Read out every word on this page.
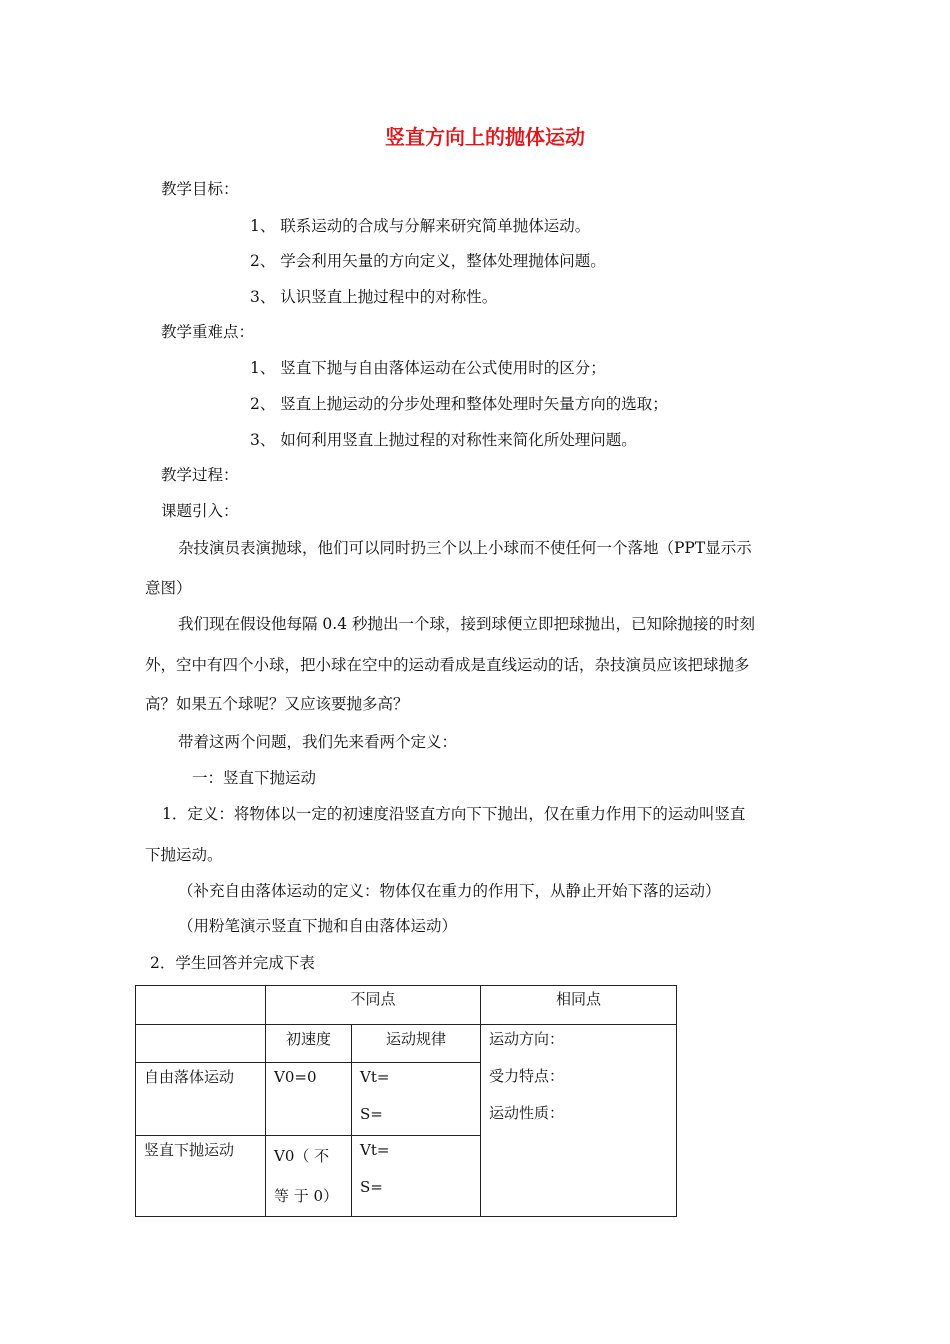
竖直方向上的抛体运动
教学目标：
1、 联系运动的合成与分解来研究简单抛体运动。
2、 学会利用矢量的方向定义，整体处理抛体问题。
3、 认识竖直上抛过程中的对称性。
教学重难点：
1、 竖直下抛与自由落体运动在公式使用时的区分；
2、 竖直上抛运动的分步处理和整体处理时矢量方向的选取；
3、 如何利用竖直上抛过程的对称性来简化所处理问题。
教学过程：
课题引入：
杂技演员表演抛球，他们可以同时扔三个以上小球而不使任何一个落地（PPT显示示
意图）
我们现在假设他每隔 0.4 秒抛出一个球，接到球便立即把球抛出，已知除抛接的时刻
外，空中有四个小球，把小球在空中的运动看成是直线运动的话，杂技演员应该把球抛多
高？如果五个球呢？又应该要抛多高？
带着这两个问题，我们先来看两个定义：
一：竖直下抛运动
1．定义：将物体以一定的初速度沿竖直方向下下抛出，仅在重力作用下的运动叫竖直
下抛运动。
（补充自由落体运动的定义：物体仅在重力的作用下，从静止开始下落的运动）
（用粉笔演示竖直下抛和自由落体运动）
2．学生回答并完成下表
	不同点		相同点
	初速度	运动规律	运动方向：
受力特点：
运动性质：

自由落体运动	V0=0	Vt=
S=	

竖直下抛运动	V0（ 不 等 于 0）	Vt=
S=	
